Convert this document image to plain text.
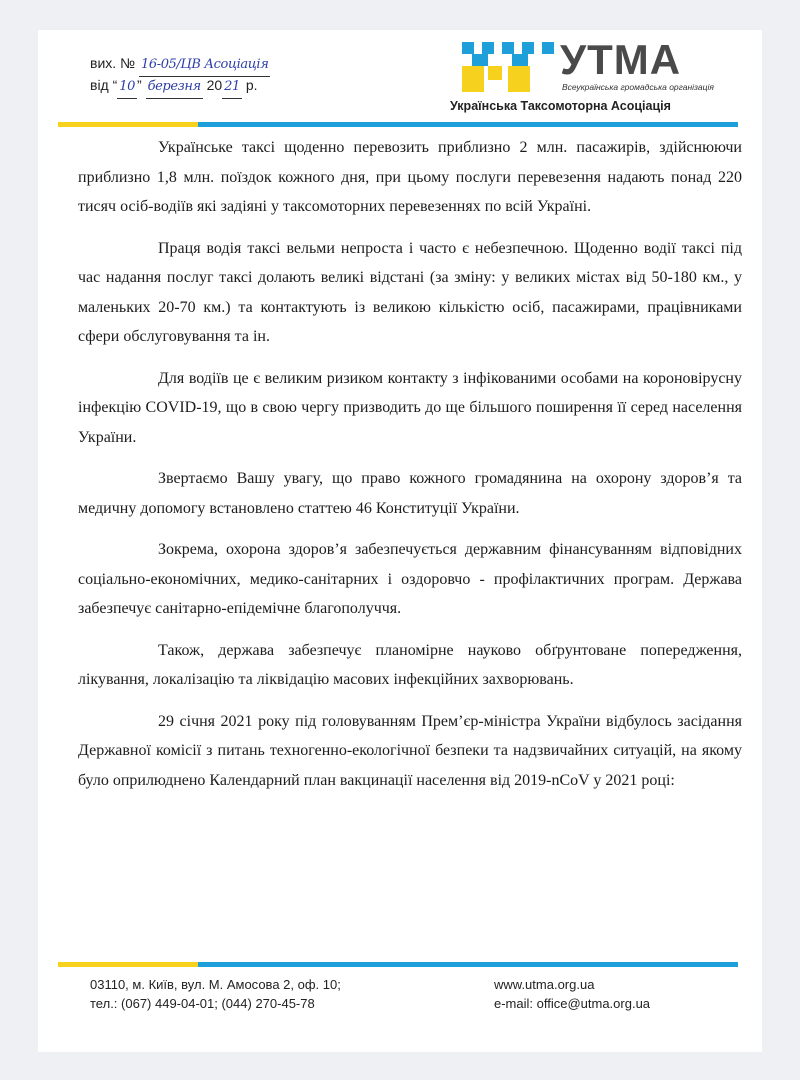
вих. № 16-05/ЦВ Асоціація
від “ 10 ” березня 20 21 р.
УТМА
Всеукраїнська громадська організація
Українська Таксомоторна Асоціація

Українське таксі щоденно перевозить приблизно 2 млн. пасажирів, здійснюючи приблизно 1,8 млн. поїздок кожного дня, при цьому послуги перевезення надають понад 220 тисяч осіб-водіїв які задіяні у таксомоторних перевезеннях по всій Україні.

Праця водія таксі вельми непроста і часто є небезпечною. Щоденно водії таксі під час надання послуг таксі долають великі відстані (за зміну: у великих містах від 50-180 км., у маленьких 20-70 км.) та контактують із великою кількістю осіб, пасажирами, працівниками сфери обслуговування та ін.

Для водіїв це є великим ризиком контакту з інфікованими особами на короновірусну інфекцію COVID-19, що в свою чергу призводить до ще більшого поширення її серед населення України.

Звертаємо Вашу увагу, що право кожного громадянина на охорону здоров’я та медичну допомогу встановлено статтею 46 Конституції України.

Зокрема, охорона здоров’я забезпечується державним фінансуванням відповідних соціально-економічних, медико-санітарних і оздоровчо - профілактичних програм. Держава забезпечує санітарно-епідемічне благополуччя.

Також, держава забезпечує планомірне науково обґрунтоване попередження, лікування, локалізацію та ліквідацію масових інфекційних захворювань.

29 січня 2021 року під головуванням Прем’єр-міністра України відбулось засідання Державної комісії з питань техногенно-екологічної безпеки та надзвичайних ситуацій, на якому було оприлюднено Календарний план вакцинації населення від 2019-nCoV у 2021 році:

03110, м. Київ, вул. М. Амосова 2, оф. 10;
тел.: (067) 449-04-01; (044) 270-45-78
www.utma.org.ua
e-mail: office@utma.org.ua
